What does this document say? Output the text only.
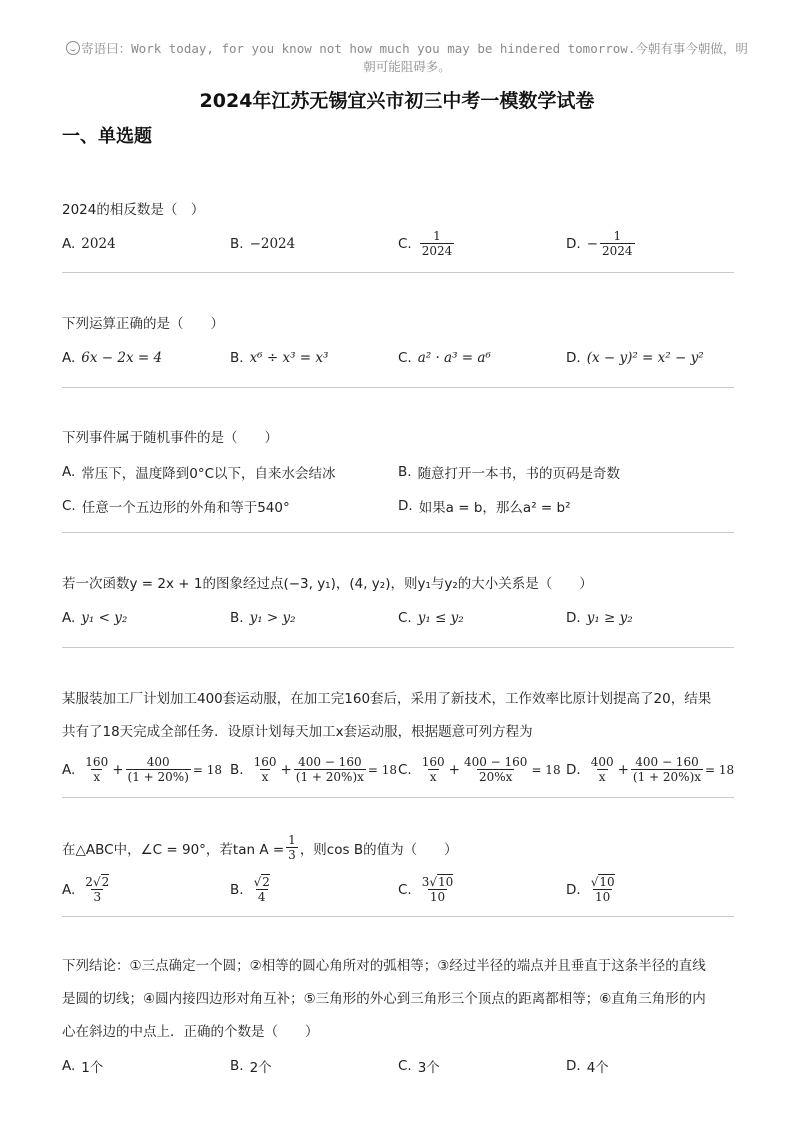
寄语曰：Work today, for you know not how much you may be hindered tomorrow.今朝有事今朝做，明
朝可能阻碍多。
2024年江苏无锡宜兴市初三中考一模数学试卷
一、单选题
2024的相反数是（　）
A. 2024	B. −2024	C. $\frac{1}{2024}$	D. − $\frac{1}{2024}$
下列运算正确的是（　　）
A. 6x − 2x = 4	B. x⁶ ÷ x³ = x³	C. a² · a³ = a⁶	D. (x − y)² = x² − y²
下列事件属于随机事件的是（　　）
A. 常压下，温度降到0°C以下，自来水会结冰	B. 随意打开一本书，书的页码是奇数
C. 任意一个五边形的外角和等于540°	D. 如果a = b，那么a² = b²
若一次函数y = 2x + 1的图象经过点(−3, y₁)，(4, y₂)，则y₁与y₂的大小关系是（　　）
A. y₁ < y₂	B. y₁ > y₂	C. y₁ ≤ y₂	D. y₁ ≥ y₂
某服装加工厂计划加工400套运动服，在加工完160套后，采用了新技术，工作效率比原计划提高了20，结果
共有了18天完成全部任务．设原计划每天加工x套运动服，根据题意可列方程为
A. $\frac{160}{x} + \frac{400}{(1 + 20\%)} = 18$ B. $\frac{160}{x} + \frac{400 - 160}{(1 + 20\%)x} = 18$ C. $\frac{160}{x} + \frac{400 - 160}{20\%x} = 18$ D. $\frac{400}{x} + \frac{400 - 160}{(1 + 20\%)x} = 18$
在△ABC中，∠C = 90°，若$\tan A = \frac{1}{3}$ ，则cos B的值为（　　）
A. $\frac{2√2}{3}$	B. $\frac{√2}{4}$	C. $\frac{3√10}{10}$	D. $\frac{√10}{10}$
下列结论：①三点确定一个圆；②相等的圆心角所对的弧相等；③经过半径的端点并且垂直于这条半径的直线
是圆的切线；④圆内接四边形对角互补；⑤三角形的外心到三角形三个顶点的距离都相等；⑥直角三角形的内
心在斜边的中点上．正确的个数是（　　）
A. 1个	B. 2个	C. 3个	D. 4个
